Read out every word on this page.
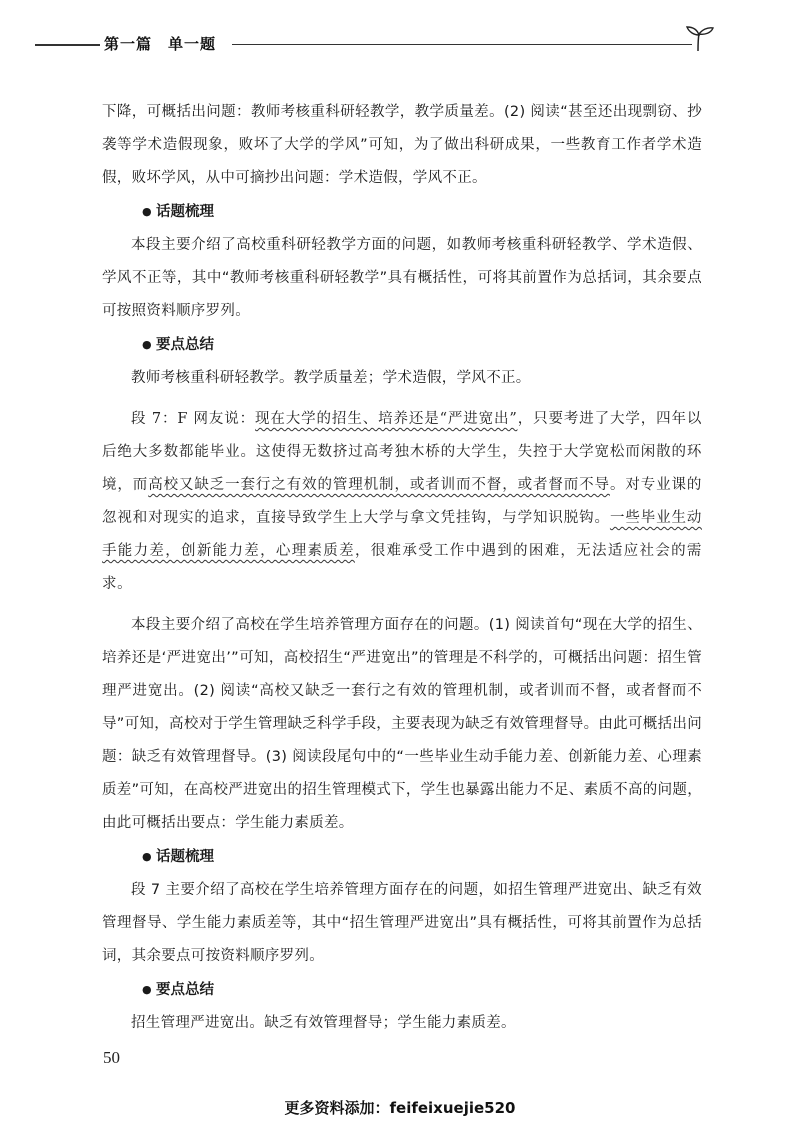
第一篇　单一题

下降，可概括出问题：教师考核重科研轻教学，教学质量差。(2) 阅读“甚至还出现剽窃、抄袭等学术造假现象，败坏了大学的学风”可知，为了做出科研成果，一些教育工作者学术造假，败坏学风，从中可摘抄出问题：学术造假，学风不正。

● 话题梳理

本段主要介绍了高校重科研轻教学方面的问题，如教师考核重科研轻教学、学术造假、学风不正等，其中“教师考核重科研轻教学”具有概括性，可将其前置作为总括词，其余要点可按照资料顺序罗列。

● 要点总结

教师考核重科研轻教学。教学质量差；学术造假，学风不正。

段 7：F 网友说：现在大学的招生、培养还是“严进宽出”，只要考进了大学，四年以后绝大多数都能毕业。这使得无数挤过高考独木桥的大学生，失控于大学宽松而闲散的环境，而高校又缺乏一套行之有效的管理机制，或者训而不督，或者督而不导。对专业课的忽视和对现实的追求，直接导致学生上大学与拿文凭挂钩，与学知识脱钩。一些毕业生动手能力差，创新能力差，心理素质差，很难承受工作中遇到的困难，无法适应社会的需求。

本段主要介绍了高校在学生培养管理方面存在的问题。(1) 阅读首句“现在大学的招生、培养还是‘严进宽出’”可知，高校招生“严进宽出”的管理是不科学的，可概括出问题：招生管理严进宽出。(2) 阅读“高校又缺乏一套行之有效的管理机制，或者训而不督，或者督而不导”可知，高校对于学生管理缺乏科学手段，主要表现为缺乏有效管理督导。由此可概括出问题：缺乏有效管理督导。(3) 阅读段尾句中的“一些毕业生动手能力差、创新能力差、心理素质差”可知，在高校严进宽出的招生管理模式下，学生也暴露出能力不足、素质不高的问题，由此可概括出要点：学生能力素质差。

● 话题梳理

段 7 主要介绍了高校在学生培养管理方面存在的问题，如招生管理严进宽出、缺乏有效管理督导、学生能力素质差等，其中“招生管理严进宽出”具有概括性，可将其前置作为总括词，其余要点可按资料顺序罗列。

● 要点总结

招生管理严进宽出。缺乏有效管理督导；学生能力素质差。

50
更多资料添加：feifeixuejie520
